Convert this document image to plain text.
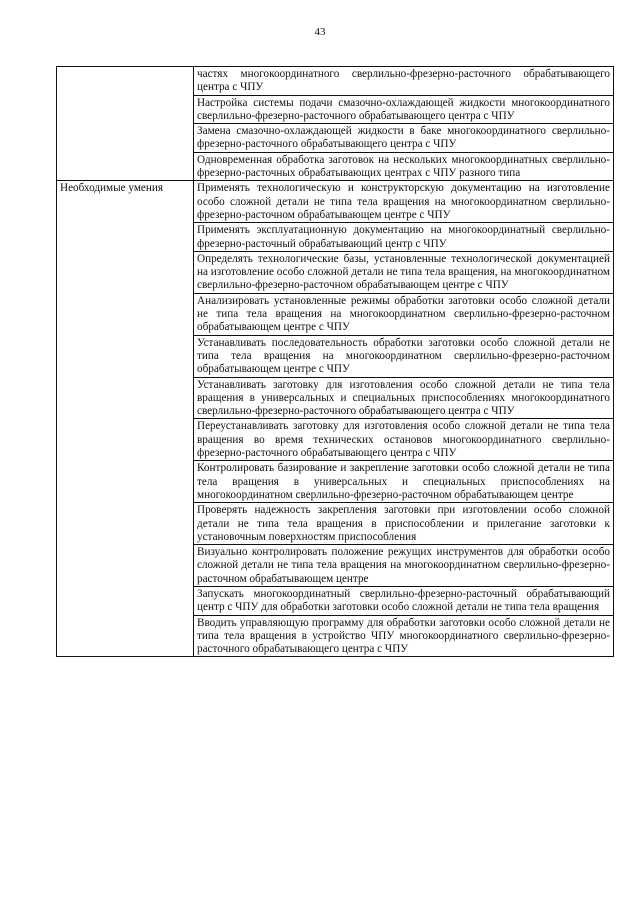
43

	частях многокоординатного сверлильно-фрезерно-расточного обрабатывающего центра с ЧПУ

	Настройка системы подачи смазочно-охлаждающей жидкости многокоординатного сверлильно-фрезерно-расточного обрабатывающего центра с ЧПУ

	Замена смазочно-охлаждающей жидкости в баке многокоординатного сверлильно-фрезерно-расточного обрабатывающего центра с ЧПУ

	Одновременная обработка заготовок на нескольких многокоординатных сверлильно-фрезерно-расточных обрабатывающих центрах с ЧПУ разного типа

Необходимые умения	Применять технологическую и конструкторскую документацию на изготовление особо сложной детали не типа тела вращения на многокоординатном сверлильно-фрезерно-расточном обрабатывающем центре с ЧПУ

	Применять эксплуатационную документацию на многокоординатный сверлильно-фрезерно-расточный обрабатывающий центр с ЧПУ

	Определять технологические базы, установленные технологической документацией на изготовление особо сложной детали не типа тела вращения, на многокоординатном сверлильно-фрезерно-расточном обрабатывающем центре с ЧПУ

	Анализировать установленные режимы обработки заготовки особо сложной детали не типа тела вращения на многокоординатном сверлильно-фрезерно-расточном обрабатывающем центре с ЧПУ

	Устанавливать последовательность обработки заготовки особо сложной детали не типа тела вращения на многокоординатном сверлильно-фрезерно-расточном обрабатывающем центре с ЧПУ

	Устанавливать заготовку для изготовления особо сложной детали не типа тела вращения в универсальных и специальных приспособлениях многокоординатного сверлильно-фрезерно-расточного обрабатывающего центра с ЧПУ

	Переустанавливать заготовку для изготовления особо сложной детали не типа тела вращения во время технических остановов многокоординатного сверлильно-фрезерно-расточного обрабатывающего центра с ЧПУ

	Контролировать базирование и закрепление заготовки особо сложной детали не типа тела вращения в универсальных и специальных приспособлениях на многокоординатном сверлильно-фрезерно-расточном обрабатывающем центре

	Проверять надежность закрепления заготовки при изготовлении особо сложной детали не типа тела вращения в приспособлении и прилегание заготовки к установочным поверхностям приспособления

	Визуально контролировать положение режущих инструментов для обработки особо сложной детали не типа тела вращения на многокоординатном сверлильно-фрезерно-расточном обрабатывающем центре

	Запускать многокоординатный сверлильно-фрезерно-расточный обрабатывающий центр с ЧПУ для обработки заготовки особо сложной детали не типа тела вращения

	Вводить управляющую программу для обработки заготовки особо сложной детали не типа тела вращения в устройство ЧПУ многокоординатного сверлильно-фрезерно-расточного обрабатывающего центра с ЧПУ
